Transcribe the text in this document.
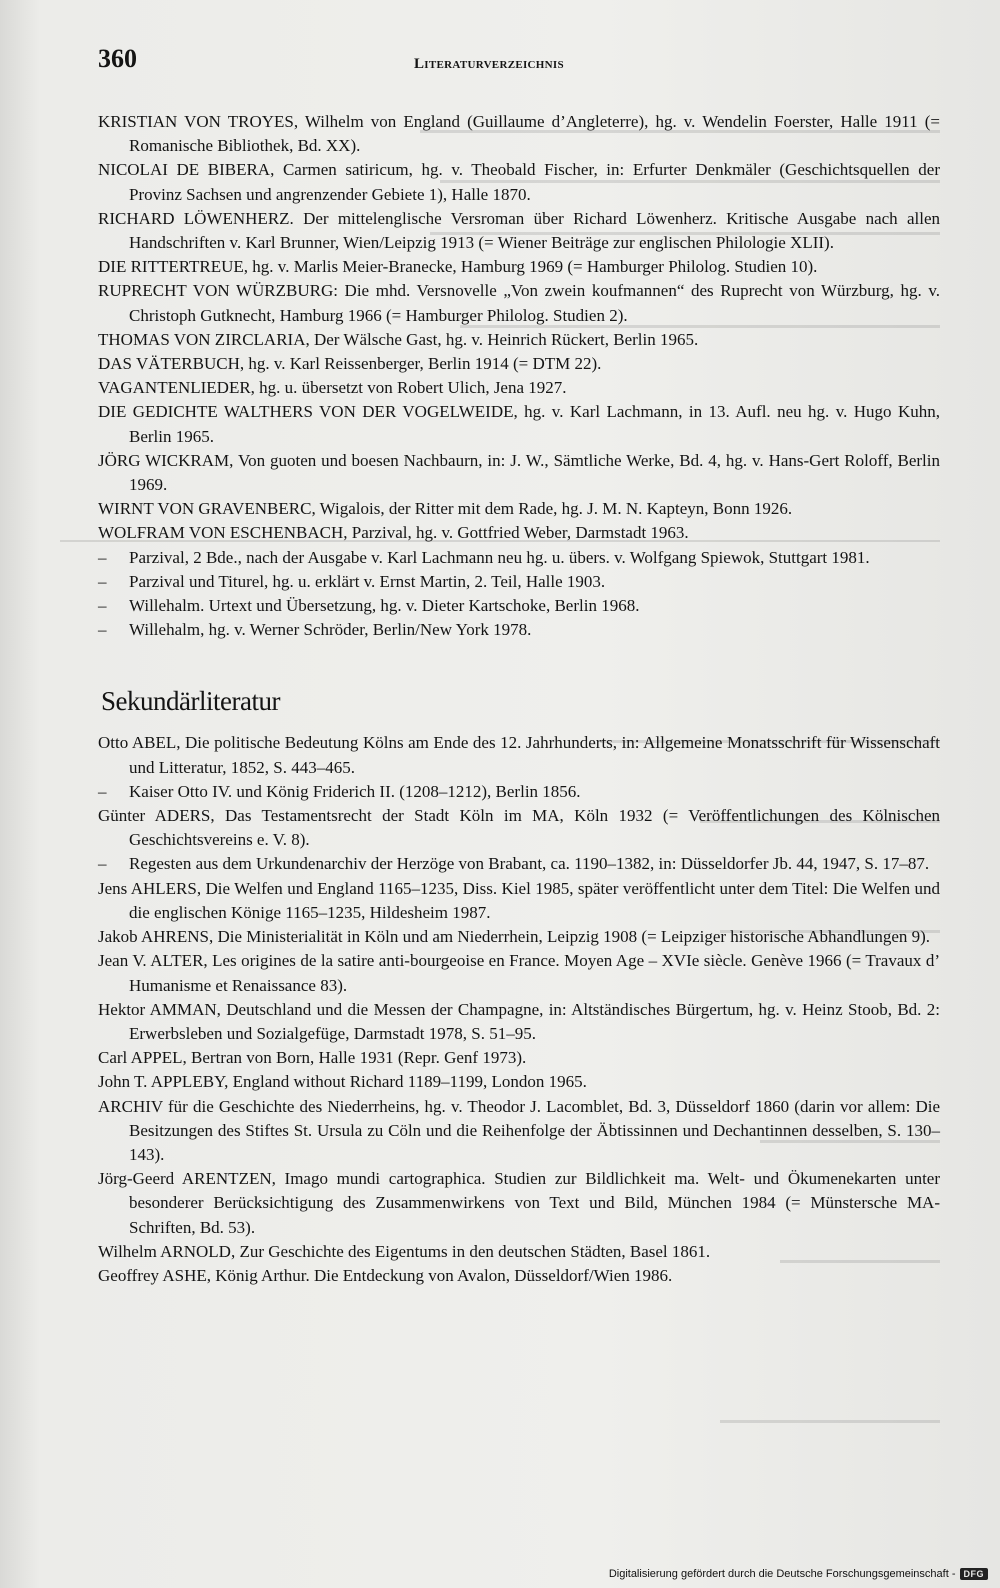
360	Literaturverzeichnis
KRISTIAN VON TROYES, Wilhelm von England (Guillaume d’Angleterre), hg. v. Wendelin Foerster, Halle 1911 (= Romanische Bibliothek, Bd. XX).
NICOLAI DE BIBERA, Carmen satiricum, hg. v. Theobald Fischer, in: Erfurter Denkmäler (Geschichtsquellen der Provinz Sachsen und angrenzender Gebiete 1), Halle 1870.
RICHARD LÖWENHERZ. Der mittelenglische Versroman über Richard Löwenherz. Kritische Ausgabe nach allen Handschriften v. Karl Brunner, Wien/Leipzig 1913 (= Wiener Beiträge zur englischen Philologie XLII).
DIE RITTERTREUE, hg. v. Marlis Meier-Branecke, Hamburg 1969 (= Hamburger Philolog. Studien 10).
RUPRECHT VON WÜRZBURG: Die mhd. Versnovelle „Von zwein koufmannen“ des Ruprecht von Würzburg, hg. v. Christoph Gutknecht, Hamburg 1966 (= Hamburger Philolog. Studien 2).
THOMAS VON ZIRCLARIA, Der Wälsche Gast, hg. v. Heinrich Rückert, Berlin 1965.
DAS VÄTERBUCH, hg. v. Karl Reissenberger, Berlin 1914 (= DTM 22).
VAGANTENLIEDER, hg. u. übersetzt von Robert Ulich, Jena 1927.
DIE GEDICHTE WALTHERS VON DER VOGELWEIDE, hg. v. Karl Lachmann, in 13. Aufl. neu hg. v. Hugo Kuhn, Berlin 1965.
JÖRG WICKRAM, Von guoten und boesen Nachbaurn, in: J. W., Sämtliche Werke, Bd. 4, hg. v. Hans-Gert Roloff, Berlin 1969.
WIRNT VON GRAVENBERC, Wigalois, der Ritter mit dem Rade, hg. J. M. N. Kapteyn, Bonn 1926.
WOLFRAM VON ESCHENBACH, Parzival, hg. v. Gottfried Weber, Darmstadt 1963.
– Parzival, 2 Bde., nach der Ausgabe v. Karl Lachmann neu hg. u. übers. v. Wolfgang Spiewok, Stuttgart 1981.
– Parzival und Titurel, hg. u. erklärt v. Ernst Martin, 2. Teil, Halle 1903.
– Willehalm. Urtext und Übersetzung, hg. v. Dieter Kartschoke, Berlin 1968.
– Willehalm, hg. v. Werner Schröder, Berlin/New York 1978.
Sekundärliteratur
Otto ABEL, Die politische Bedeutung Kölns am Ende des 12. Jahrhunderts, in: Allgemeine Monatsschrift für Wissenschaft und Litteratur, 1852, S. 443–465.
– Kaiser Otto IV. und König Friderich II. (1208–1212), Berlin 1856.
Günter ADERS, Das Testamentsrecht der Stadt Köln im MA, Köln 1932 (= Veröffentlichungen des Kölnischen Geschichtsvereins e. V. 8).
– Regesten aus dem Urkundenarchiv der Herzöge von Brabant, ca. 1190–1382, in: Düsseldorfer Jb. 44, 1947, S. 17–87.
Jens AHLERS, Die Welfen und England 1165–1235, Diss. Kiel 1985, später veröffentlicht unter dem Titel: Die Welfen und die englischen Könige 1165–1235, Hildesheim 1987.
Jakob AHRENS, Die Ministerialität in Köln und am Niederrhein, Leipzig 1908 (= Leipziger historische Abhandlungen 9).
Jean V. ALTER, Les origines de la satire anti-bourgeoise en France. Moyen Age – XVIe siècle. Genève 1966 (= Travaux d’ Humanisme et Renaissance 83).
Hektor AMMAN, Deutschland und die Messen der Champagne, in: Altständisches Bürgertum, hg. v. Heinz Stoob, Bd. 2: Erwerbsleben und Sozialgefüge, Darmstadt 1978, S. 51–95.
Carl APPEL, Bertran von Born, Halle 1931 (Repr. Genf 1973).
John T. APPLEBY, England without Richard 1189–1199, London 1965.
ARCHIV für die Geschichte des Niederrheins, hg. v. Theodor J. Lacomblet, Bd. 3, Düsseldorf 1860 (darin vor allem: Die Besitzungen des Stiftes St. Ursula zu Cöln und die Reihenfolge der Äbtissinnen und Dechantinnen desselben, S. 130–143).
Jörg-Geerd ARENTZEN, Imago mundi cartographica. Studien zur Bildlichkeit ma. Welt- und Ökumenekarten unter besonderer Berücksichtigung des Zusammenwirkens von Text und Bild, München 1984 (= Münstersche MA-Schriften, Bd. 53).
Wilhelm ARNOLD, Zur Geschichte des Eigentums in den deutschen Städten, Basel 1861.
Geoffrey ASHE, König Arthur. Die Entdeckung von Avalon, Düsseldorf/Wien 1986.
Digitalisierung gefördert durch die Deutsche Forschungsgemeinschaft - DFG
